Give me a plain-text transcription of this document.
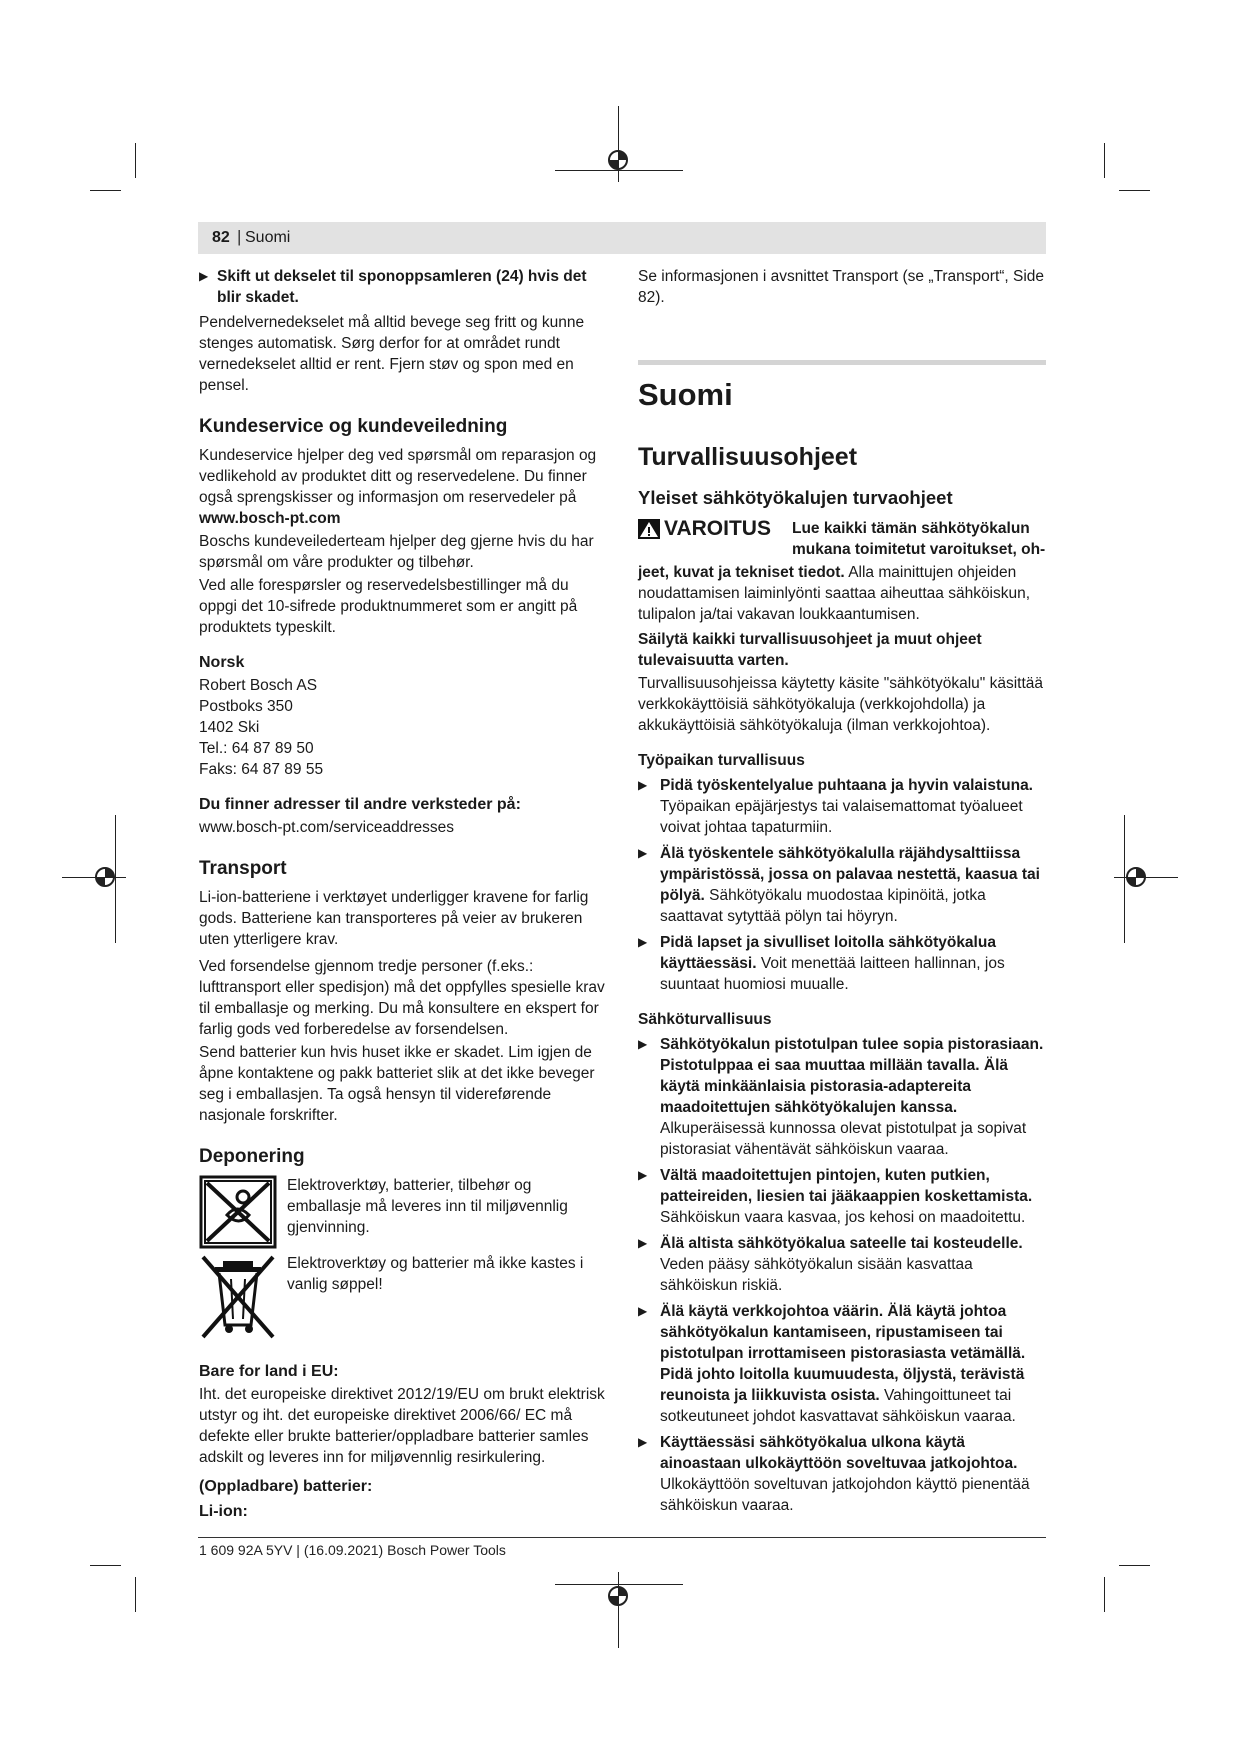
82 | Suomi
▶ Skift ut dekselet til sponoppsamleren (24) hvis det blir skadet.

Pendelvernedekselet må alltid bevege seg fritt og kunne stenges automatisk. Sørg derfor for at området rundt vernedekselet alltid er rent. Fjern støv og spon med en pensel.

Kundeservice og kundeveiledning

Kundeservice hjelper deg ved spørsmål om reparasjon og vedlikehold av produktet ditt og reservedelene. Du finner også sprengskisser og informasjon om reservedeler på

www.bosch-pt.com

Boschs kundeveilederteam hjelper deg gjerne hvis du har spørsmål om våre produkter og tilbehør.

Ved alle forespørsler og reservedelsbestillinger må du oppgi det 10-sifrede produktnummeret som er angitt på produktets typeskilt.

Norsk

Robert Bosch AS

Postboks 350

1402 Ski

Tel.: 64 87 89 50

Faks: 64 87 89 55

Du finner adresser til andre verksteder på:

www.bosch-pt.com/serviceaddresses

Transport

Li-ion-batteriene i verktøyet underligger kravene for farlig gods. Batteriene kan transporteres på veier av brukeren uten ytterligere krav.

Ved forsendelse gjennom tredje personer (f.eks.: lufttransport eller spedisjon) må det oppfylles spesielle krav til emballasje og merking. Du må konsultere en ekspert for farlig gods ved forberedelse av forsendelsen.

Send batterier kun hvis huset ikke er skadet. Lim igjen de åpne kontaktene og pakk batteriet slik at det ikke beveger seg i emballasjen. Ta også hensyn til videreførende nasjonale forskrifter.

Deponering

Elektroverktøy, batterier, tilbehør og emballasje må leveres inn til miljøvennlig gjenvinning.

Elektroverktøy og batterier må ikke kastes i vanlig søppel!

Bare for land i EU:

Iht. det europeiske direktivet 2012/19/EU om brukt elektrisk utstyr og iht. det europeiske direktivet 2006/66/ EC må defekte eller brukte batterier/oppladbare batterier samles adskilt og leveres inn for miljøvennlig resirkulering.

(Oppladbare) batterier:

Li-ion:

Se informasjonen i avsnittet Transport (se „Transport“, Side 82).

Suomi
Turvallisuusohjeet
Yleiset sähkötyökalujen turvaohjeet
VAROITUS Lue kaikki tämän sähkötyökalun mukana toimitetut varoitukset, oh-

jeet, kuvat ja tekniset tiedot. Alla mainittujen ohjeiden noudattamisen laiminlyönti saattaa aiheuttaa sähköiskun, tulipalon ja/tai vakavan loukkaantumisen.

Säilytä kaikki turvallisuusohjeet ja muut ohjeet tulevaisuutta varten.

Turvallisuusohjeissa käytetty käsite "sähkötyökalu" käsittää verkkokäyttöisiä sähkötyökaluja (verkkojohdolla) ja akkukäyttöisiä sähkötyökaluja (ilman verkkojohtoa).

Työpaikan turvallisuus

▶ Pidä työskentelyalue puhtaana ja hyvin valaistuna. Työpaikan epäjärjestys tai valaisemattomat työalueet voivat johtaa tapaturmiin.
▶ Älä työskentele sähkötyökalulla räjähdysalttiissa ympäristössä, jossa on palavaa nestettä, kaasua tai pölyä. Sähkötyökalu muodostaa kipinöitä, jotka saattavat sytyttää pölyn tai höyryn.
▶ Pidä lapset ja sivulliset loitolla sähkötyökalua käyttäessäsi. Voit menettää laitteen hallinnan, jos suuntaat huomiosi muualle.

Sähköturvallisuus

▶ Sähkötyökalun pistotulpan tulee sopia pistorasiaan. Pistotulppaa ei saa muuttaa millään tavalla. Älä käytä minkäänlaisia pistorasia-adaptereita maadoitettujen sähkötyökalujen kanssa. Alkuperäisessä kunnossa olevat pistotulpat ja sopivat pistorasiat vähentävät sähköiskun vaaraa.
▶ Vältä maadoitettujen pintojen, kuten putkien, patteireiden, liesien tai jääkaappien koskettamista. Sähköiskun vaara kasvaa, jos kehosi on maadoitettu.
▶ Älä altista sähkötyökalua sateelle tai kosteudelle. Veden pääsy sähkötyökalun sisään kasvattaa sähköiskun riskiä.
▶ Älä käytä verkkojohtoa väärin. Älä käytä johtoa sähkötyökalun kantamiseen, ripustamiseen tai pistotulpan irrottamiseen pistorasiasta vetämällä. Pidä johto loitolla kuumuudesta, öljystä, terävistä reunoista ja liikkuvista osista. Vahingoittuneet tai sotkeutuneet johdot kasvattavat sähköiskun vaaraa.
▶ Käyttäessäsi sähkötyökalua ulkona käytä ainoastaan ulkokäyttöön soveltuvaa jatkojohtoa. Ulkokäyttöön soveltuvan jatkojohdon käyttö pienentää sähköiskun vaaraa.
1 609 92A 5YV | (16.09.2021) Bosch Power Tools
